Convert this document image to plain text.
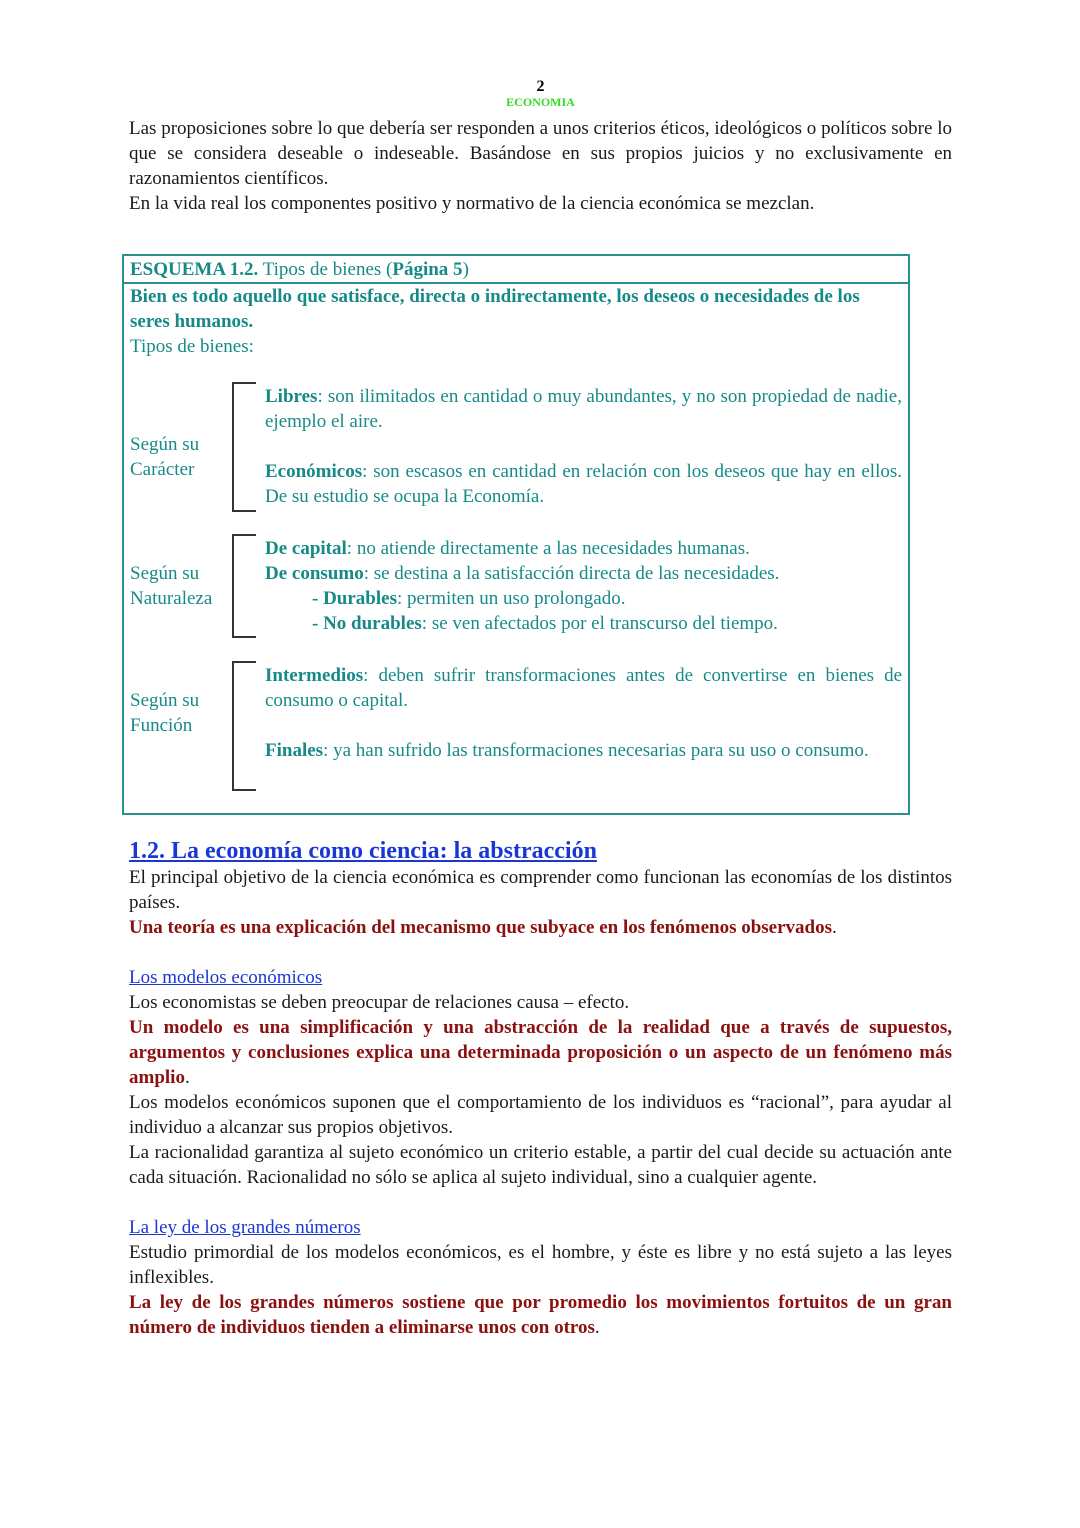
2
ECONOMIA

Las proposiciones sobre lo que debería ser responden a unos criterios éticos, ideológicos o políticos sobre lo que se considera deseable o indeseable. Basándose en sus propios juicios y no exclusivamente en razonamientos científicos.

En la vida real los componentes positivo y normativo de la ciencia económica se mezclan.

ESQUEMA 1.2. Tipos de bienes (Página 5)
Bien es todo aquello que satisface, directa o indirectamente, los deseos o necesidades de los seres humanos.
Tipos de bienes:
Según su
Carácter
Libres: son ilimitados en cantidad o muy abundantes, y no son propiedad de nadie, ejemplo el aire.
Económicos: son escasos en cantidad en relación con los deseos que hay en ellos. De su estudio se ocupa la Economía.
Según su
Naturaleza
De capital: no atiende directamente a las necesidades humanas.
De consumo: se destina a la satisfacción directa de las necesidades.
- Durables: permiten un uso prolongado.
- No durables: se ven afectados por el transcurso del tiempo.
Según su
Función
Intermedios: deben sufrir transformaciones antes de convertirse en bienes de consumo o capital.
Finales: ya han sufrido las transformaciones necesarias para su uso o consumo.
1.2. La economía como ciencia: la abstracción

El principal objetivo de la ciencia económica es comprender como funcionan las economías de los distintos países.

Una teoría es una explicación del mecanismo que subyace en los fenómenos observados.

Los modelos económicos

Los economistas se deben preocupar de relaciones causa – efecto.

Un modelo es una simplificación y una abstracción de la realidad que a través de supuestos, argumentos y conclusiones explica una determinada proposición o un aspecto de un fenómeno más amplio.

Los modelos económicos suponen que el comportamiento de los individuos es “racional”, para ayudar al individuo a alcanzar sus propios objetivos.

La racionalidad garantiza al sujeto económico un criterio estable, a partir del cual decide su actuación ante cada situación. Racionalidad no sólo se aplica al sujeto individual, sino a cualquier agente.

La ley de los grandes números

Estudio primordial de los modelos económicos, es el hombre, y éste es libre y no está sujeto a las leyes inflexibles.

La ley de los grandes números sostiene que por promedio los movimientos fortuitos de un gran número de individuos tienden a eliminarse unos con otros.
